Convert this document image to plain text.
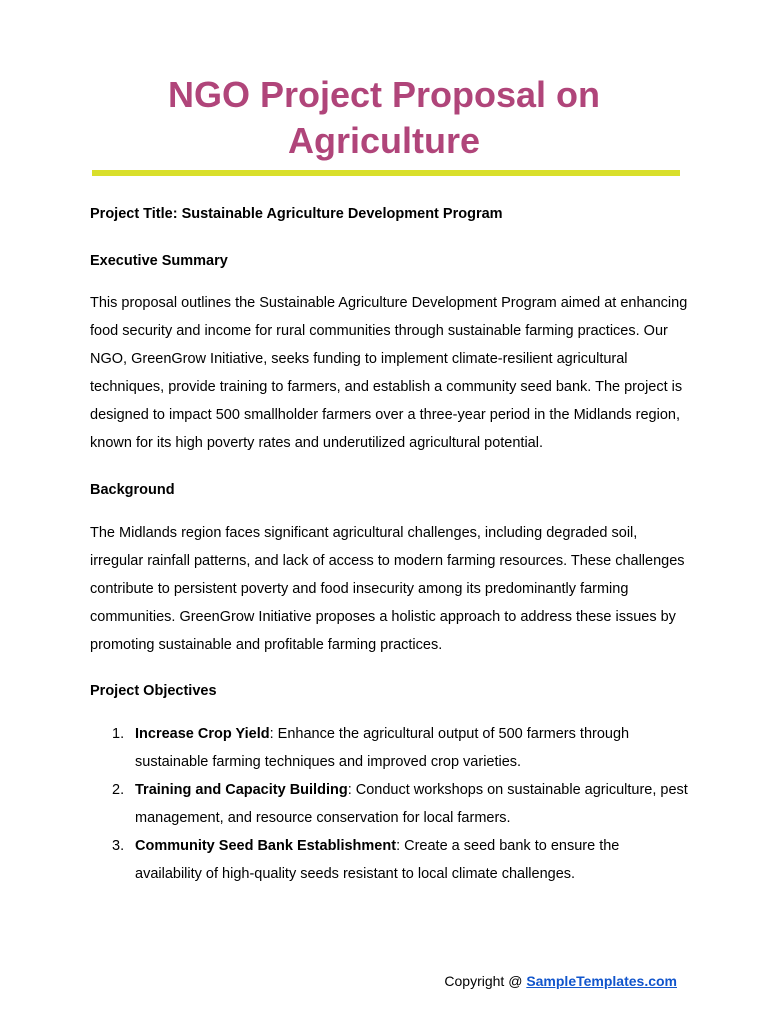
NGO Project Proposal on Agriculture

Project Title: Sustainable Agriculture Development Program

Executive Summary

This proposal outlines the Sustainable Agriculture Development Program aimed at enhancing food security and income for rural communities through sustainable farming practices. Our NGO, GreenGrow Initiative, seeks funding to implement climate-resilient agricultural techniques, provide training to farmers, and establish a community seed bank. The project is designed to impact 500 smallholder farmers over a three-year period in the Midlands region, known for its high poverty rates and underutilized agricultural potential.

Background

The Midlands region faces significant agricultural challenges, including degraded soil, irregular rainfall patterns, and lack of access to modern farming resources. These challenges contribute to persistent poverty and food insecurity among its predominantly farming communities. GreenGrow Initiative proposes a holistic approach to address these issues by promoting sustainable and profitable farming practices.

Project Objectives

1. Increase Crop Yield: Enhance the agricultural output of 500 farmers through sustainable farming techniques and improved crop varieties.
2. Training and Capacity Building: Conduct workshops on sustainable agriculture, pest management, and resource conservation for local farmers.
3. Community Seed Bank Establishment: Create a seed bank to ensure the availability of high-quality seeds resistant to local climate challenges.
Copyright @ SampleTemplates.com
